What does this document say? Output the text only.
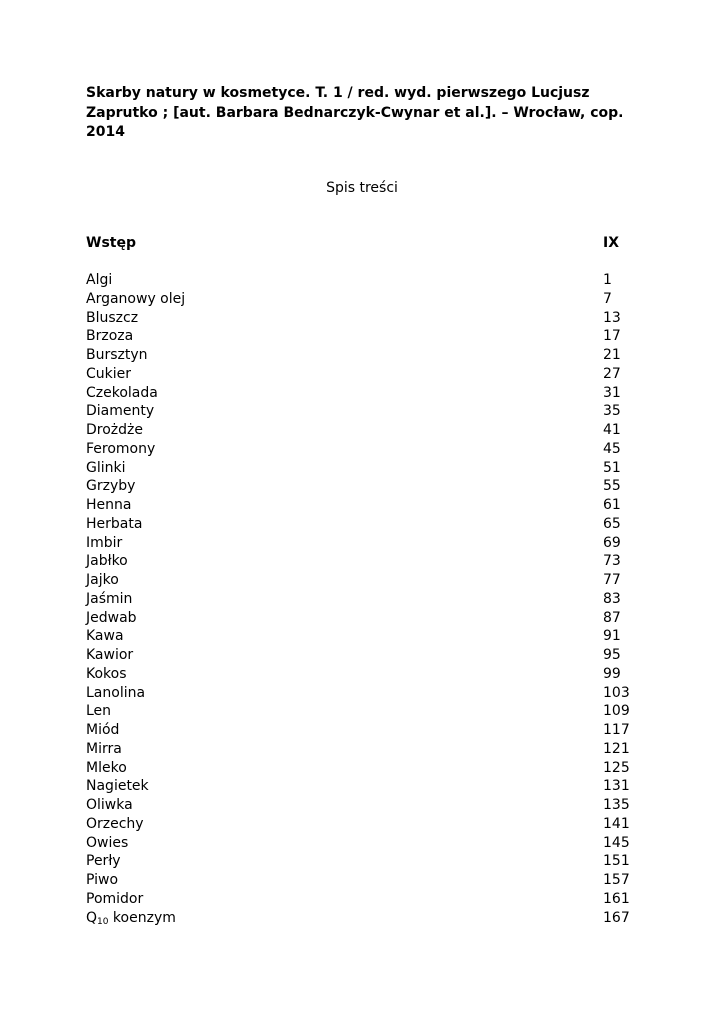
Skarby natury w kosmetyce. T. 1 / red. wyd. pierwszego Lucjusz Zaprutko ; [aut. Barbara Bednarczyk-Cwynar et al.]. – Wrocław, cop. 2014
Spis treści
Wstęp	IX
Algi	1
Arganowy olej	7
Bluszcz	13
Brzoza	17
Bursztyn	21
Cukier	27
Czekolada	31
Diamenty	35
Drożdże	41
Feromony	45
Glinki	51
Grzyby	55
Henna	61
Herbata	65
Imbir	69
Jabłko	73
Jajko	77
Jaśmin	83
Jedwab	87
Kawa	91
Kawior	95
Kokos	99
Lanolina	103
Len	109
Miód	117
Mirra	121
Mleko	125
Nagietek	131
Oliwka	135
Orzechy	141
Owies	145
Perły	151
Piwo	157
Pomidor	161
$Q_{10}$ koenzym	167
